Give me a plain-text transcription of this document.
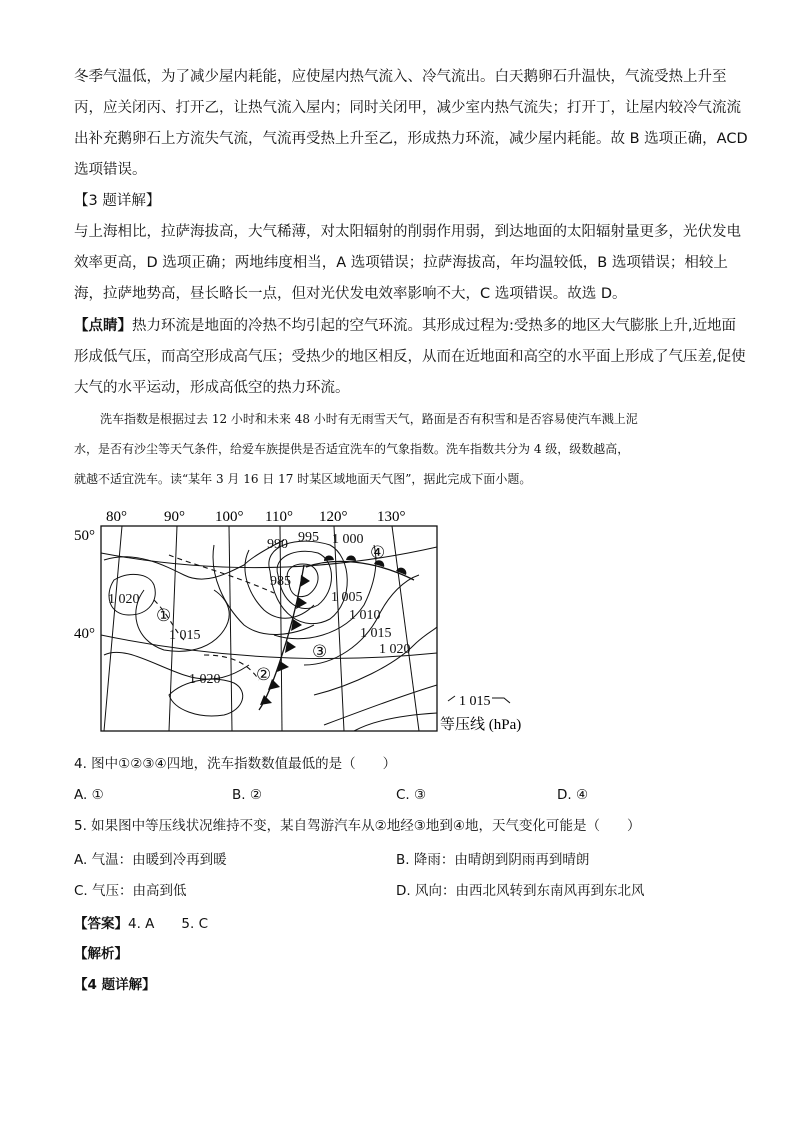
冬季气温低，为了减少屋内耗能，应使屋内热气流入、冷气流出。白天鹅卵石升温快，气流受热上升至

丙，应关闭丙、打开乙，让热气流入屋内；同时关闭甲，减少室内热气流失；打开丁，让屋内较冷气流流

出补充鹅卵石上方流失气流，气流再受热上升至乙，形成热力环流，减少屋内耗能。故 B 选项正确，ACD

选项错误。

【3 题详解】

与上海相比，拉萨海拔高，大气稀薄，对太阳辐射的削弱作用弱，到达地面的太阳辐射量更多，光伏发电

效率更高，D 选项正确；两地纬度相当，A 选项错误；拉萨海拔高，年均温较低，B 选项错误；相较上

海，拉萨地势高，昼长略长一点，但对光伏发电效率影响不大，C 选项错误。故选 D。

【点睛】热力环流是地面的冷热不均引起的空气环流。其形成过程为:受热多的地区大气膨胀上升,近地面

形成低气压，而高空形成高气压；受热少的地区相反，从而在近地面和高空的水平面上形成了气压差,促使

大气的水平运动，形成高低空的热力环流。

洗车指数是根据过去 12 小时和未来 48 小时有无雨雪天气，路面是否有积雪和是否容易使汽车溅上泥

水，是否有沙尘等天气条件，给爱车族提供是否适宜洗车的气象指数。洗车指数共分为 4 级，级数越高，

就越不适宜洗车。读“某年 3 月 16 日 17 时某区域地面天气图”，据此完成下面小题。

80° 90° 100° 110° 120° 130°
50°
40°
990 995 1 000
985
1 020
1 015
1 005
1 010
1 015
1 020
1 020
①
②
③
④
1 015
等压线 (hPa)
4. 图中①②③④四地，洗车指数数值最低的是（　　）
A. ①	B. ②	C. ③	D. ④
5. 如果图中等压线状况维持不变，某自驾游汽车从②地经③地到④地，天气变化可能是（　　）
A. 气温：由暖到冷再到暖	B. 降雨：由晴朗到阴雨再到晴朗
C. 气压：由高到低	D. 风向：由西北风转到东南风再到东北风
【答案】4. A　　5. C
【解析】
【4 题详解】
